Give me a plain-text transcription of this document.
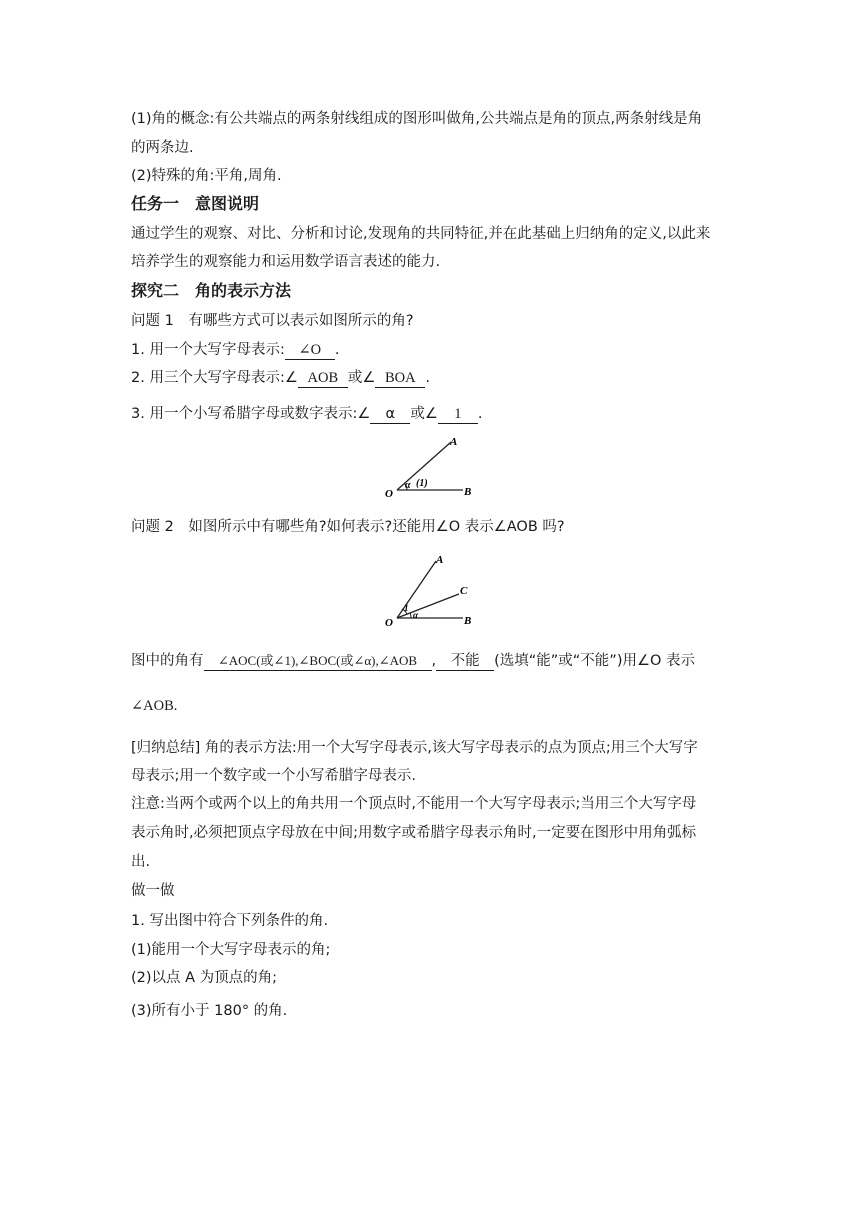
(1)角的概念:有公共端点的两条射线组成的图形叫做角,公共端点是角的顶点,两条射线是角
的两条边.
(2)特殊的角:平角,周角.
任务一　意图说明
通过学生的观察、对比、分析和讨论,发现角的共同特征,并在此基础上归纳角的定义,以此来
培养学生的观察能力和运用数学语言表述的能力.
探究二　角的表示方法
问题 1　有哪些方式可以表示如图所示的角?
1. 用一个大写字母表示: ∠O .
2. 用三个大写字母表示:∠ AOB 或∠ BOA .
3. 用一个小写希腊字母或数字表示:∠ α 或∠ 1 .
A
O	B
α (1)
问题 2　如图所示中有哪些角?如何表示?还能用∠O 表示∠AOB 吗?
A
C
O	B
1
α
图中的角有 ∠AOC(或∠1),∠BOC(或∠α),∠AOB , 不能 (选填“能”或“不能”)用∠O 表示
∠AOB.
[归纳总结] 角的表示方法:用一个大写字母表示,该大写字母表示的点为顶点;用三个大写字
母表示;用一个数字或一个小写希腊字母表示.
注意:当两个或两个以上的角共用一个顶点时,不能用一个大写字母表示;当用三个大写字母
表示角时,必须把顶点字母放在中间;用数字或希腊字母表示角时,一定要在图形中用角弧标
出.
做一做
1. 写出图中符合下列条件的角.
(1)能用一个大写字母表示的角;
(2)以点 A 为顶点的角;
(3)所有小于 180° 的角.
